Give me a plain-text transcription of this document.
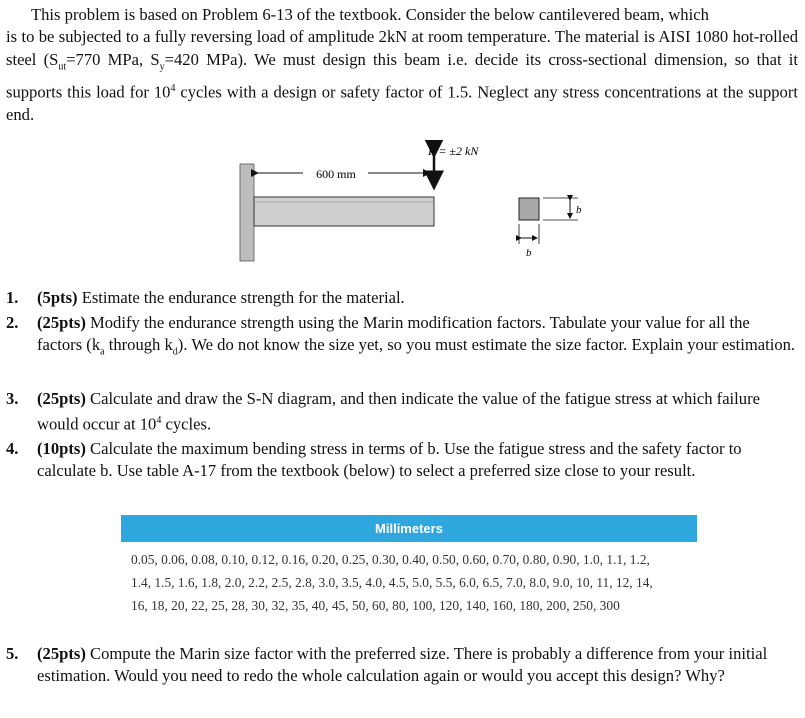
This problem is based on Problem 6-13 of the textbook. Consider the below cantilevered beam, which
is to be subjected to a fully reversing load of amplitude 2kN at room temperature. The material is AISI 1080 hot-rolled steel ($S_{ut}=770$ MPa, $S_y=420$ MPa). We must design this beam i.e. decide its cross-sectional dimension, so that it supports this load for $10^4$ cycles with a design or safety factor of 1.5. Neglect any stress concentrations at the support end.

600 mm
F = ±2 kN
b
b
1. (5pts) Estimate the endurance strength for the material.
2. (25pts) Modify the endurance strength using the Marin modification factors. Tabulate your value for all the factors ($k_a$ through $k_d$). We do not know the size yet, so you must estimate the size factor. Explain your estimation.
3. (25pts) Calculate and draw the S-N diagram, and then indicate the value of the fatigue stress at which failure would occur at $10^4$ cycles.
4. (10pts) Calculate the maximum bending stress in terms of b. Use the fatigue stress and the safety factor to calculate b. Use table A-17 from the textbook (below) to select a preferred size close to your result.
Millimeters
0.05, 0.06, 0.08, 0.10, 0.12, 0.16, 0.20, 0.25, 0.30, 0.40, 0.50, 0.60, 0.70, 0.80, 0.90, 1.0, 1.1, 1.2,
1.4, 1.5, 1.6, 1.8, 2.0, 2.2, 2.5, 2.8, 3.0, 3.5, 4.0, 4.5, 5.0, 5.5, 6.0, 6.5, 7.0, 8.0, 9.0, 10, 11, 12, 14,
16, 18, 20, 22, 25, 28, 30, 32, 35, 40, 45, 50, 60, 80, 100, 120, 140, 160, 180, 200, 250, 300
5. (25pts) Compute the Marin size factor with the preferred size. There is probably a difference from your initial estimation. Would you need to redo the whole calculation again or would you accept this design? Why?
